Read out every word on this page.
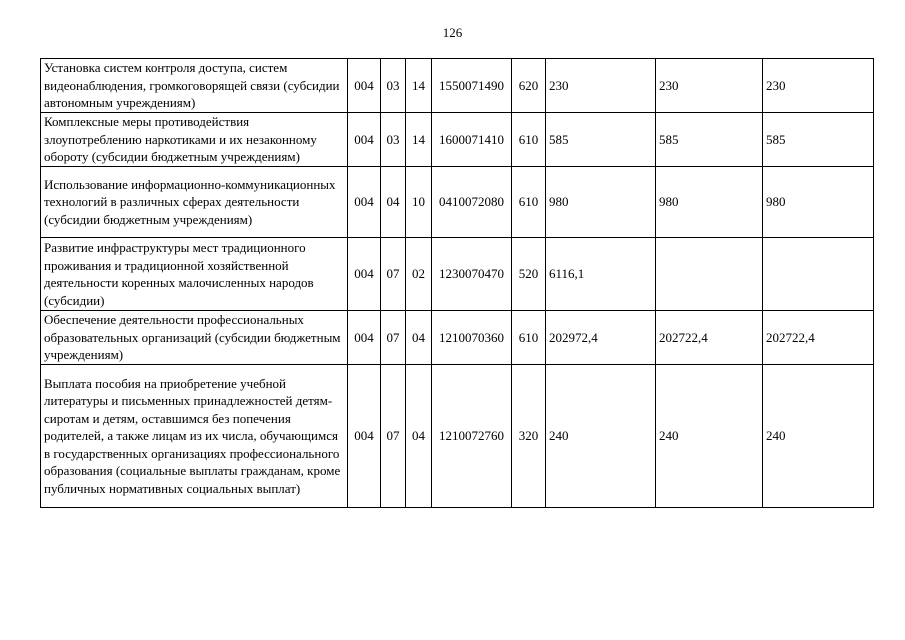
126
Установка систем контроля доступа, систем видеонаблюдения, громкоговорящей связи (субсидии автономным учреждениям)	004	03	14	1550071490	620	230	230	230
Комплексные меры противодействия злоупотреблению наркотиками и их незаконному обороту (субсидии бюджетным учреждениям)	004	03	14	1600071410	610	585	585	585
Использование информационно-коммуникационных технологий в различных сферах деятельности (субсидии бюджетным учреждениям)	004	04	10	0410072080	610	980	980	980
Развитие инфраструктуры мест традиционного проживания и традиционной хозяйственной деятельности коренных малочисленных народов (субсидии)	004	07	02	1230070470	520	6116,1		
Обеспечение деятельности профессиональных образовательных организаций (субсидии бюджетным учреждениям)	004	07	04	1210070360	610	202972,4	202722,4	202722,4
Выплата пособия на приобретение учебной литературы и письменных принадлежностей детям-сиротам и детям, оставшимся без попечения родителей, а также лицам из их числа, обучающимся в государственных организациях профессионального образования (социальные выплаты гражданам, кроме публичных нормативных социальных выплат)	004	07	04	1210072760	320	240	240	240
